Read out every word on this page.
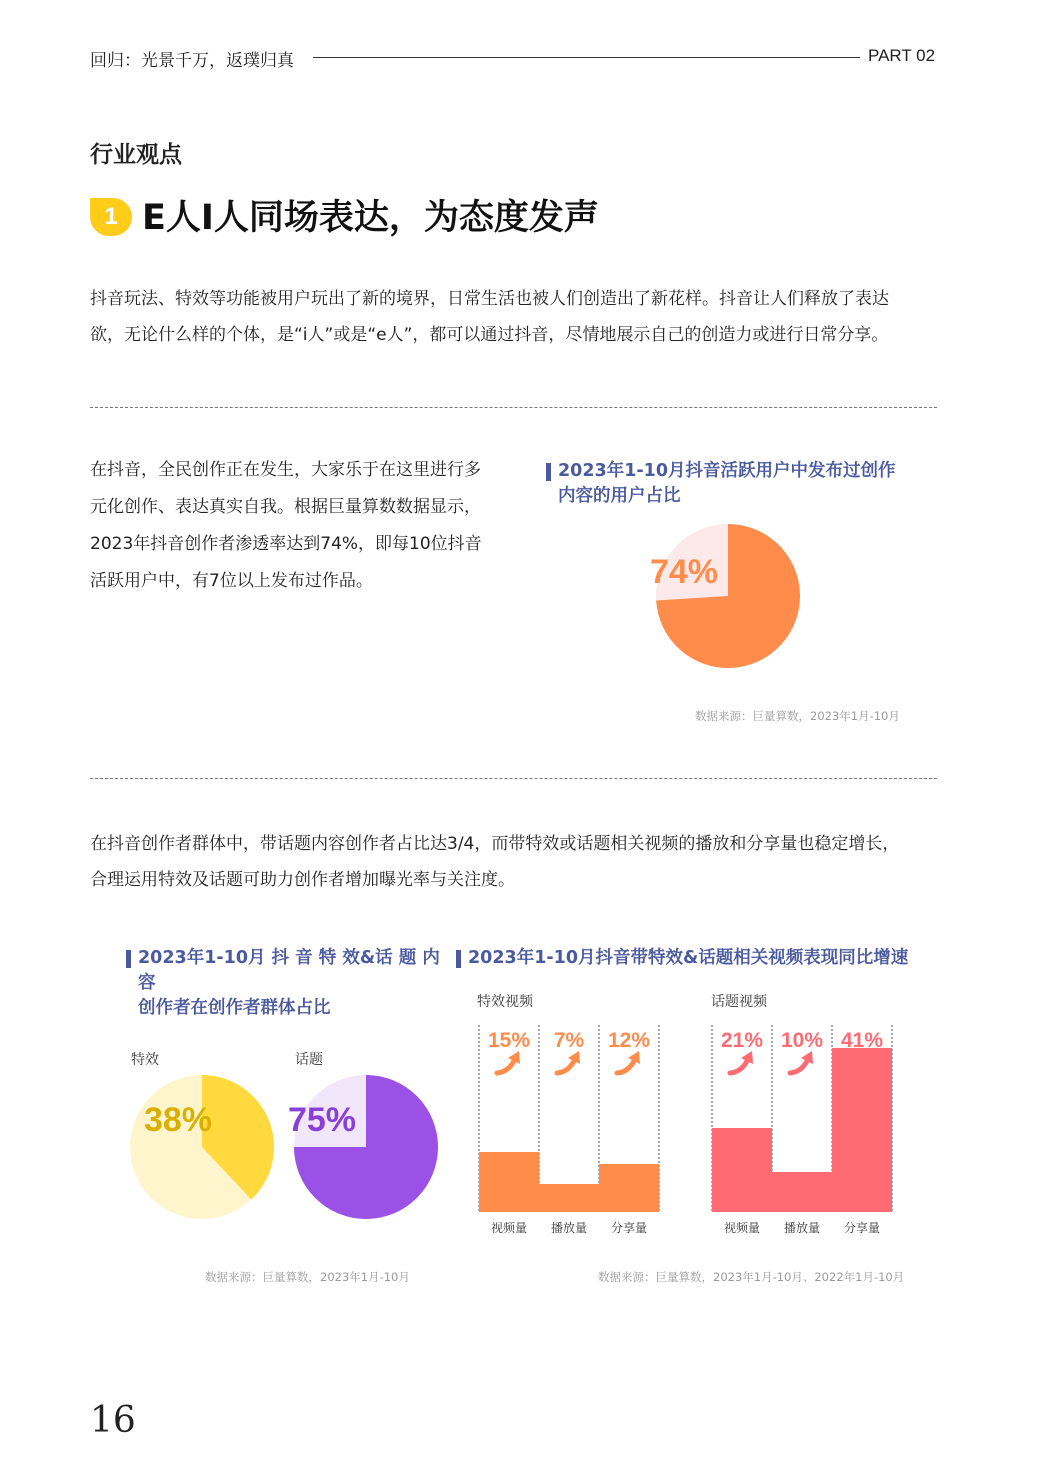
回归：光景千万，返璞归真	PART 02
行业观点
1 E人I人同场表达，为态度发声
抖音玩法、特效等功能被用户玩出了新的境界，日常生活也被人们创造出了新花样。抖音让人们释放了表达
欲，无论什么样的个体，是“i人”或是“e人”，都可以通过抖音，尽情地展示自己的创造力或进行日常分享。
在抖音，全民创作正在发生，大家乐于在这里进行多
元化创作、表达真实自我。根据巨量算数数据显示，
2023年抖音创作者渗透率达到74%，即每10位抖音
活跃用户中，有7位以上发布过作品。
2023年1-10月抖音活跃用户中发布过创作
内容的用户占比
74%
数据来源：巨量算数，2023年1月-10月
在抖音创作者群体中，带话题内容创作者占比达3/4，而带特效或话题相关视频的播放和分享量也稳定增长，
合理运用特效及话题可助力创作者增加曝光率与关注度。
2023年1-10月 抖 音 特 效&话 题 内 容
创作者在创作者群体占比
特效	话题
38% 75%
数据来源：巨量算数，2023年1月-10月
2023年1-10月抖音带特效&话题相关视频表现同比增速
特效视频	话题视频
15%
视频量
7%
播放量
12%
分享量
21%
视频量
10%
播放量
41%
分享量
数据来源：巨量算数，2023年1月-10月、2022年1月-10月
16
